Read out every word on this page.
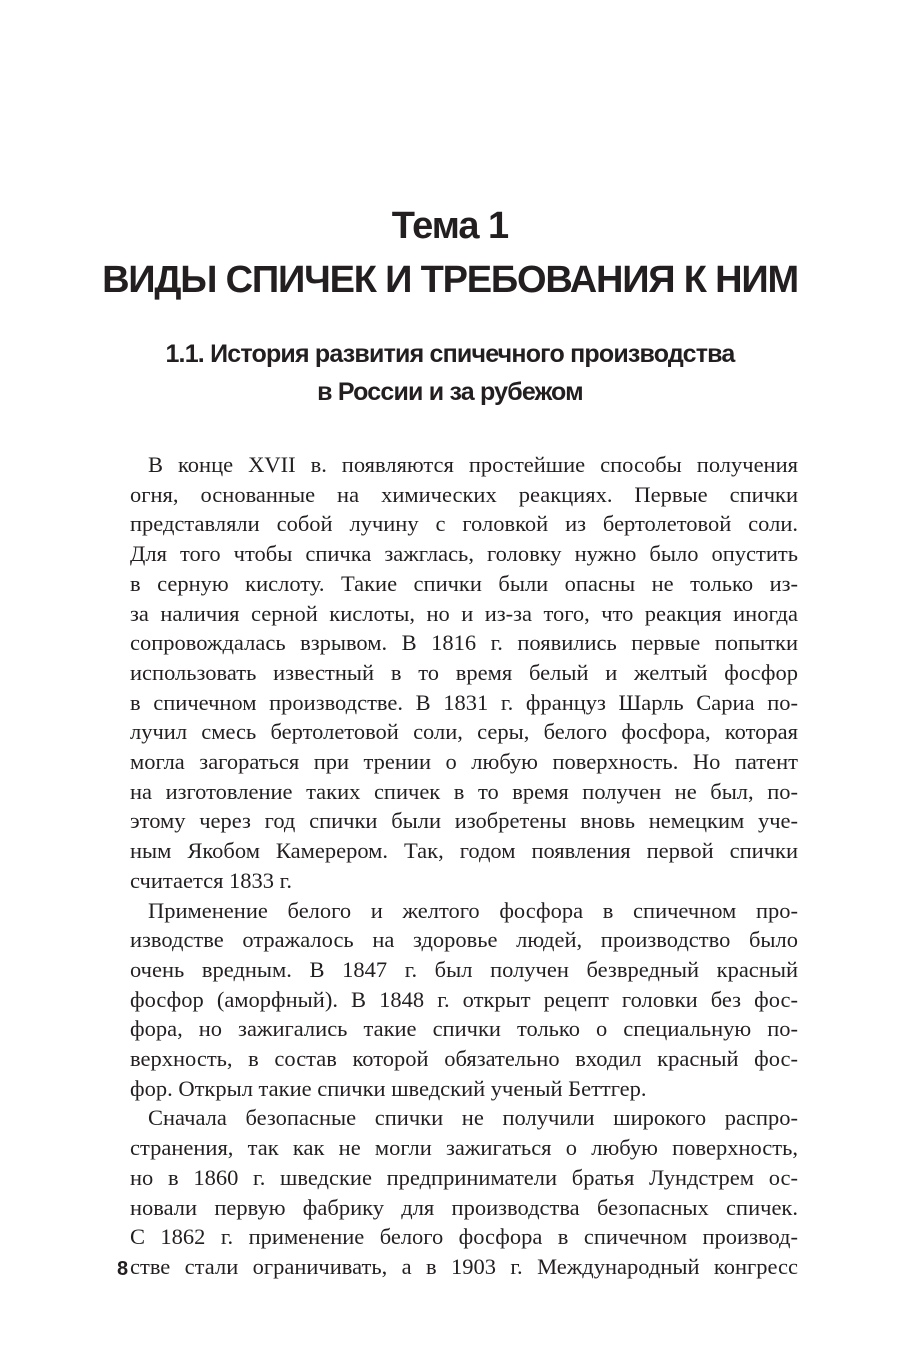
Тема 1
ВИДЫ СПИЧЕК И ТРЕБОВАНИЯ К НИМ
1.1. История развития спичечного производства
в России и за рубежом
В конце XVII в. появляются простейшие способы получения
огня, основанные на химических реакциях. Первые спички
представляли собой лучину с головкой из бертолетовой соли.
Для того чтобы спичка зажглась, головку нужно было опустить
в серную кислоту. Такие спички были опасны не только из-
за наличия серной кислоты, но и из-за того, что реакция иногда
сопровождалась взрывом. В 1816 г. появились первые попытки
использовать известный в то время белый и желтый фосфор
в спичечном производстве. В 1831 г. француз Шарль Сариа по-
лучил смесь бертолетовой соли, серы, белого фосфора, которая
могла загораться при трении о любую поверхность. Но патент
на изготовление таких спичек в то время получен не был, по-
этому через год спички были изобретены вновь немецким уче-
ным Якобом Камерером. Так, годом появления первой спички
считается 1833 г.
Применение белого и желтого фосфора в спичечном про-
изводстве отражалось на здоровье людей, производство было
очень вредным. В 1847 г. был получен безвредный красный
фосфор (аморфный). В 1848 г. открыт рецепт головки без фос-
фора, но зажигались такие спички только о специальную по-
верхность, в состав которой обязательно входил красный фос-
фор. Открыл такие спички шведский ученый Беттгер.
Сначала безопасные спички не получили широкого распро-
странения, так как не могли зажигаться о любую поверхность,
но в 1860 г. шведские предприниматели братья Лундстрем ос-
новали первую фабрику для производства безопасных спичек.
С 1862 г. применение белого фосфора в спичечном производ-
стве стали ограничивать, а в 1903 г. Международный конгресс
8
